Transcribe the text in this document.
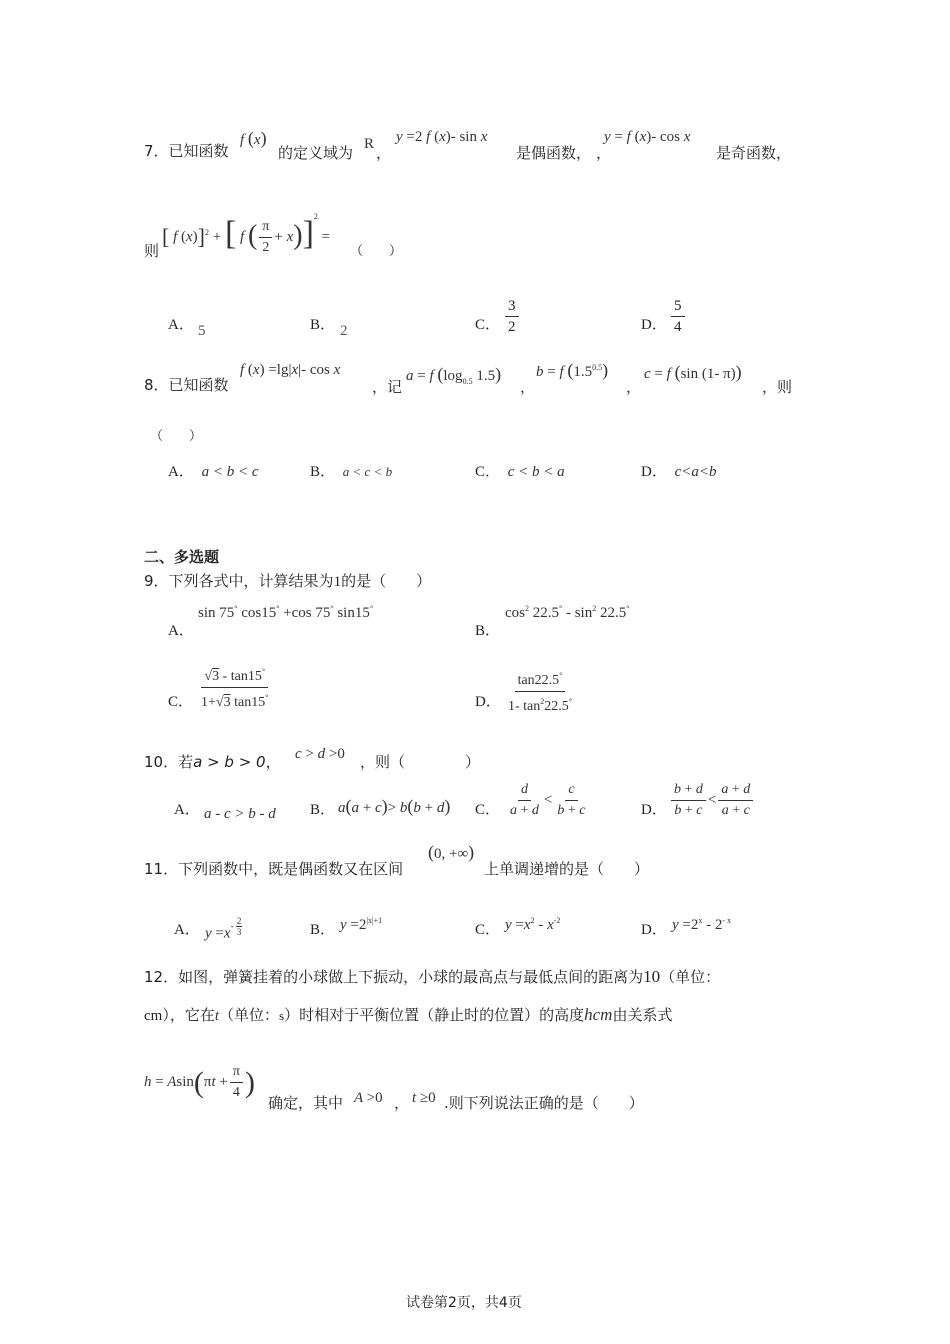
7．已知函数
f (x)
的定义域为 R ，
y =2 f (x)- sin x
是偶函数， ，
y = f (x)- cos x
是奇函数，
则
[ f (x)]$^2$ + [ f ( $\frac{\pi}{2} + x)]^2$ =
（　　）
A． 5	B． 2	C． $\frac{3}{2}$	D． $\frac{5}{4}$
8．已知函数
f (x) =lg|x|- cos x
，记
a = f ($\log_{0.5}$ 1.5)
，
b = f $(1.5^{0.5})$
，
c = f (sin (1- π))
，则
（　　）
A． a < b < c	B． a < c < b	C． c < b < a	D． c<a<b
二、多选题
9．下列各式中，计算结果为1的是（　　）
A．
sin 75° cos15° +cos 75° sin15°
B．
$\cos^2 22.5^\circ - \sin^2 22.5^\circ$
C． $\frac{√3 - \tan 15^\circ}{1+√3 \tan 15^\circ}$	D． $\frac{\tan 22.5^\circ}{1- \tan^222.5^\circ}$
10．若a > b > 0， c > d >0 ，则（　　　　）
A． a - c > b - d B． a(a + c)> b(b + d) C． $\frac{d}{a + d} < \frac{c}{b + c}$	D． $\frac{b + d}{b + c} < \frac{a + d}{a + c}$
11．下列函数中，既是偶函数又在区间
(0, +∞)
上单调递增的是（　　）
A． $y =x^{- \frac{2}{3}}$	B． $y =2^{|x|+1}$
C． $y =x^2 - x^{-2}$
D． $y =2^x - 2^{- x}$
12．如图，弹簧挂着的小球做上下振动，小球的最高点与最低点间的距离为10（单位：
cm），它在t（单位：s）时相对于平衡位置（静止时的位置）的高度hcm由关系式
$h = Asin(\pi t + \frac{\pi}{4}$ )
确定，其中 A >0 ， t ≥0 .则下列说法正确的是（　　）
试卷第2页，共4页
